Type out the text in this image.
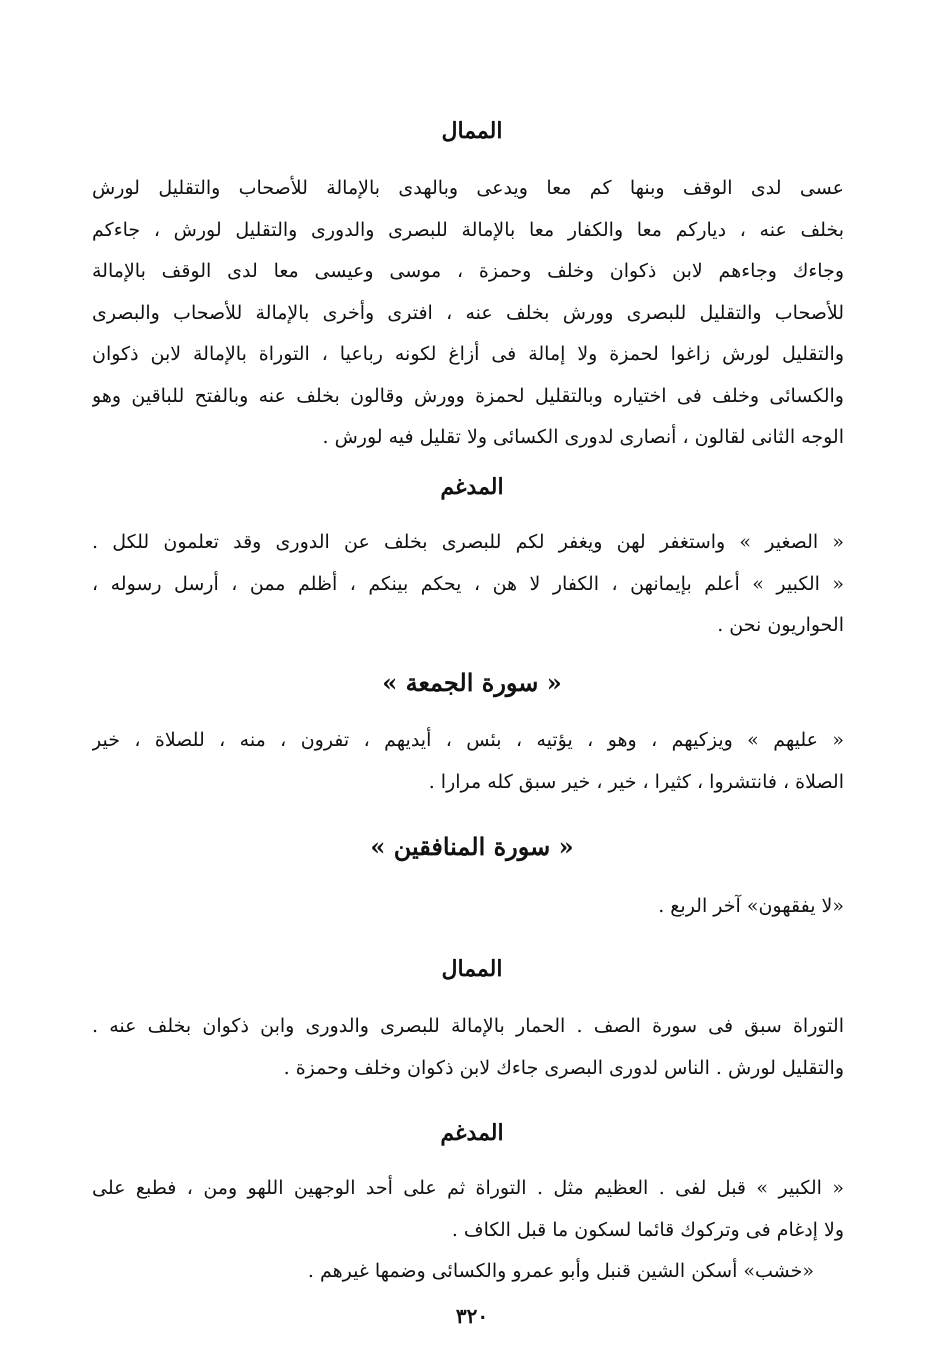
الممال
عسى لدى الوقف وبنها كم معا ويدعى وبالهدى بالإمالة للأصحاب والتقليل لورش
بخلف عنه ، دياركم معا والكفار معا بالإمالة للبصرى والدورى والتقليل لورش ، جاءكم
وجاءك وجاءهم لابن ذكوان وخلف وحمزة ، موسى وعيسى معا لدى الوقف بالإمالة
للأصحاب والتقليل للبصرى وورش بخلف عنه ، افترى وأخرى بالإمالة للأصحاب والبصرى
والتقليل لورش زاغوا لحمزة ولا إمالة فى أزاغ لكونه رباعيا ، التوراة بالإمالة لابن ذكوان
والكسائى وخلف فى اختياره وبالتقليل لحمزة وورش وقالون بخلف عنه وبالفتح للباقين وهو
الوجه الثانى لقالون ، أنصارى لدورى الكسائى ولا تقليل فيه لورش .
المدغم
« الصغير » واستغفر لهن ويغفر لكم للبصرى بخلف عن الدورى وقد تعلمون للكل .
« الكبير » أعلم بإيمانهن ، الكفار لا هن ، يحكم بينكم ، أظلم ممن ، أرسل رسوله ،
الحواريون نحن .
« سورة الجمعة »
« عليهم » ويزكيهم ، وهو ، يؤتيه ، بئس ، أيديهم ، تفرون ، منه ، للصلاة ، خير
الصلاة ، فانتشروا ، كثيرا ، خير ، خير سبق كله مرارا .
« سورة المنافقين »
«لا يفقهون» آخر الربع .
الممال
التوراة سبق فى سورة الصف . الحمار بالإمالة للبصرى والدورى وابن ذكوان بخلف عنه .
والتقليل لورش . الناس لدورى البصرى جاءك لابن ذكوان وخلف وحمزة .
المدغم
« الكبير » قبل لفى . العظيم مثل . التوراة ثم على أحد الوجهين اللهو ومن ، فطبع على
ولا إدغام فى وتركوك قائما لسكون ما قبل الكاف .
«خشب» أسكن الشين قنبل وأبو عمرو والكسائى وضمها غيرهم .
٣٢٠
